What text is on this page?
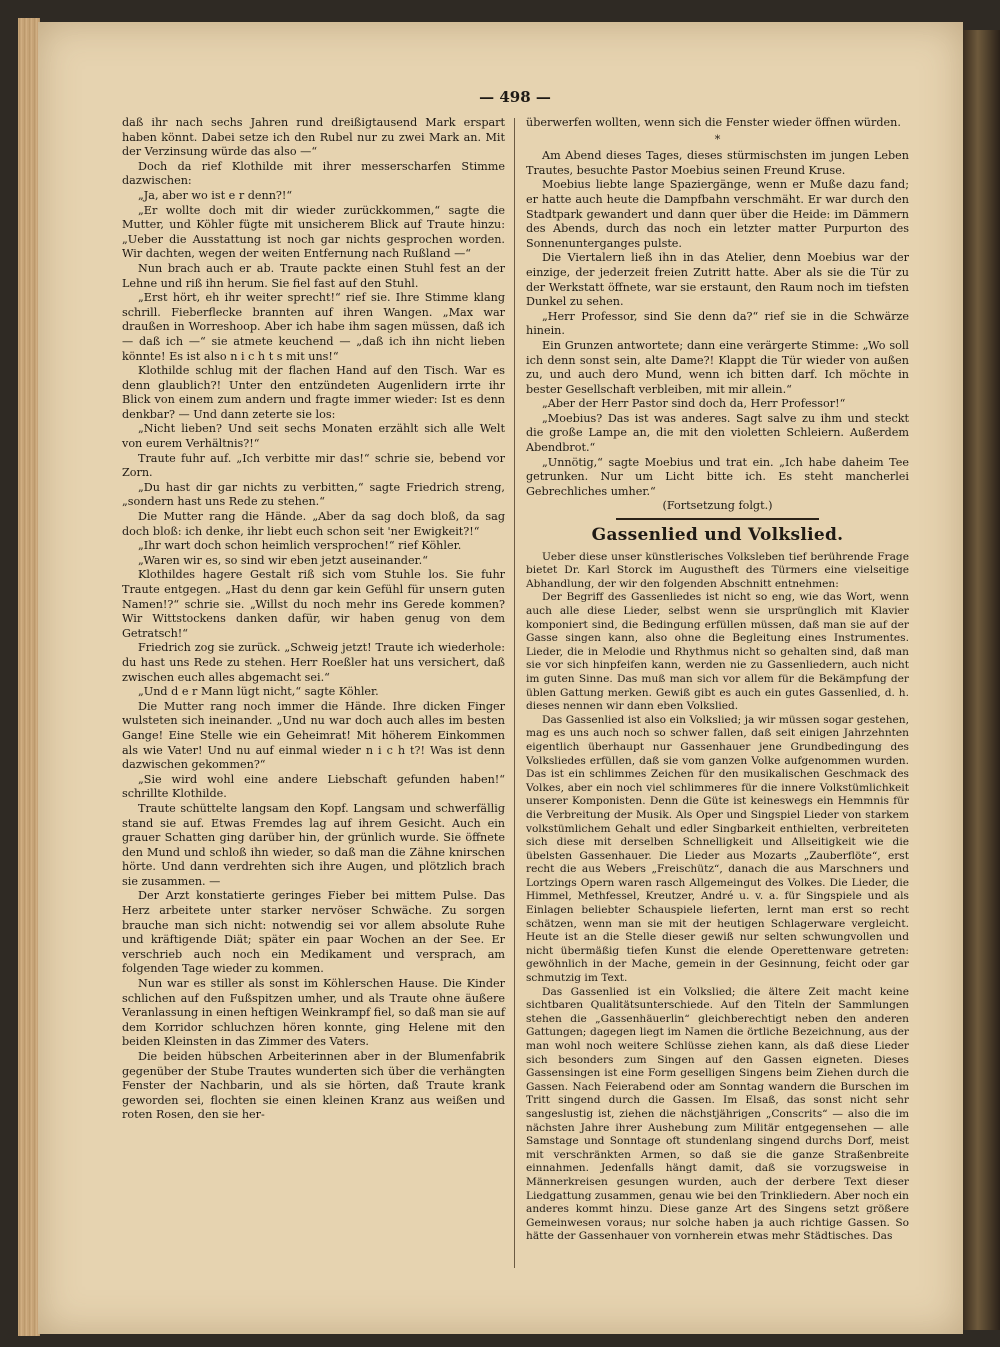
— 498 —

daß ihr nach sechs Jahren rund dreißigtausend Mark erspart haben könnt. Dabei setze ich den Rubel nur zu zwei Mark an. Mit der Verzinsung würde das also —“

Doch da rief Klothilde mit ihrer messerscharfen Stimme dazwischen:

„Ja, aber wo ist e r denn?!“

„Er wollte doch mit dir wieder zurückkommen,“ sagte die Mutter, und Köhler fügte mit unsicherem Blick auf Traute hinzu: „Ueber die Ausstattung ist noch gar nichts gesprochen worden. Wir dachten, wegen der weiten Entfernung nach Rußland —“

Nun brach auch er ab. Traute packte einen Stuhl fest an der Lehne und riß ihn herum. Sie fiel fast auf den Stuhl.

„Erst hört, eh ihr weiter sprecht!“ rief sie. Ihre Stimme klang schrill. Fieberflecke brannten auf ihren Wangen. „Max war draußen in Worreshoop. Aber ich habe ihm sagen müssen, daß ich — daß ich —“ sie atmete keuchend — „daß ich ihn nicht lieben könnte! Es ist also n i c h t s mit uns!“

Klothilde schlug mit der flachen Hand auf den Tisch. War es denn glaublich?! Unter den entzündeten Augenlidern irrte ihr Blick von einem zum andern und fragte immer wieder: Ist es denn denkbar? — Und dann zeterte sie los:

„Nicht lieben? Und seit sechs Monaten erzählt sich alle Welt von eurem Verhältnis?!“

Traute fuhr auf. „Ich verbitte mir das!“ schrie sie, bebend vor Zorn.

„Du hast dir gar nichts zu verbitten,“ sagte Friedrich streng, „sondern hast uns Rede zu stehen.“

Die Mutter rang die Hände. „Aber da sag doch bloß, da sag doch bloß: ich denke, ihr liebt euch schon seit 'ner Ewigkeit?!“

„Ihr wart doch schon heimlich versprochen!“ rief Köhler.

„Waren wir es, so sind wir eben jetzt auseinander.“

Klothildes hagere Gestalt riß sich vom Stuhle los. Sie fuhr Traute entgegen. „Hast du denn gar kein Gefühl für unsern guten Namen!?“ schrie sie. „Willst du noch mehr ins Gerede kommen? Wir Wittstockens danken dafür, wir haben genug von dem Getratsch!“

Friedrich zog sie zurück. „Schweig jetzt! Traute ich wiederhole: du hast uns Rede zu stehen. Herr Roeßler hat uns versichert, daß zwischen euch alles abgemacht sei.“

„Und d e r Mann lügt nicht,“ sagte Köhler.

Die Mutter rang noch immer die Hände. Ihre dicken Finger wulsteten sich ineinander. „Und nu war doch auch alles im besten Gange! Eine Stelle wie ein Geheimrat! Mit höherem Einkommen als wie Vater! Und nu auf einmal wieder n i c h t?! Was ist denn dazwischen gekommen?“

„Sie wird wohl eine andere Liebschaft gefunden haben!“ schrillte Klothilde.

Traute schüttelte langsam den Kopf. Langsam und schwerfällig stand sie auf. Etwas Fremdes lag auf ihrem Gesicht. Auch ein grauer Schatten ging darüber hin, der grünlich wurde. Sie öffnete den Mund und schloß ihn wieder, so daß man die Zähne knirschen hörte. Und dann verdrehten sich ihre Augen, und plötzlich brach sie zusammen. —

Der Arzt konstatierte geringes Fieber bei mittem Pulse. Das Herz arbeitete unter starker nervöser Schwäche. Zu sorgen brauche man sich nicht: notwendig sei vor allem absolute Ruhe und kräftigende Diät; später ein paar Wochen an der See. Er verschrieb auch noch ein Medikament und versprach, am folgenden Tage wieder zu kommen.

Nun war es stiller als sonst im Köhlerschen Hause. Die Kinder schlichen auf den Fußspitzen umher, und als Traute ohne äußere Veranlassung in einen heftigen Weinkrampf fiel, so daß man sie auf dem Korridor schluchzen hören konnte, ging Helene mit den beiden Kleinsten in das Zimmer des Vaters.

Die beiden hübschen Arbeiterinnen aber in der Blumenfabrik gegenüber der Stube Trautes wunderten sich über die verhängten Fenster der Nachbarin, und als sie hörten, daß Traute krank geworden sei, flochten sie einen kleinen Kranz aus weißen und roten Rosen, den sie her-

überwerfen wollten, wenn sich die Fenster wieder öffnen würden.

*

Am Abend dieses Tages, dieses stürmischsten im jungen Leben Trautes, besuchte Pastor Moebius seinen Freund Kruse.

Moebius liebte lange Spaziergänge, wenn er Muße dazu fand; er hatte auch heute die Dampfbahn verschmäht. Er war durch den Stadtpark gewandert und dann quer über die Heide: im Dämmern des Abends, durch das noch ein letzter matter Purpurton des Sonnenunterganges pulste.

Die Viertalern ließ ihn in das Atelier, denn Moebius war der einzige, der jederzeit freien Zutritt hatte. Aber als sie die Tür zu der Werkstatt öffnete, war sie erstaunt, den Raum noch im tiefsten Dunkel zu sehen.

„Herr Professor, sind Sie denn da?“ rief sie in die Schwärze hinein.

Ein Grunzen antwortete; dann eine verärgerte Stimme: „Wo soll ich denn sonst sein, alte Dame?! Klappt die Tür wieder von außen zu, und auch dero Mund, wenn ich bitten darf. Ich möchte in bester Gesellschaft verbleiben, mit mir allein.“

„Aber der Herr Pastor sind doch da, Herr Professor!“

„Moebius? Das ist was anderes. Sagt salve zu ihm und steckt die große Lampe an, die mit den violetten Schleiern. Außerdem Abendbrot.“

„Unnötig,“ sagte Moebius und trat ein. „Ich habe daheim Tee getrunken. Nur um Licht bitte ich. Es steht mancherlei Gebrechliches umher.“

(Fortsetzung folgt.)

Gassenlied und Volkslied.

Ueber diese unser künstlerisches Volksleben tief berührende Frage bietet Dr. Karl Storck im Augustheft des Türmers eine vielseitige Abhandlung, der wir den folgenden Abschnitt entnehmen:

Der Begriff des Gassenliedes ist nicht so eng, wie das Wort, wenn auch alle diese Lieder, selbst wenn sie ursprünglich mit Klavier komponiert sind, die Bedingung erfüllen müssen, daß man sie auf der Gasse singen kann, also ohne die Begleitung eines Instrumentes. Lieder, die in Melodie und Rhythmus nicht so gehalten sind, daß man sie vor sich hinpfeifen kann, werden nie zu Gassenliedern, auch nicht im guten Sinne. Das muß man sich vor allem für die Bekämpfung der üblen Gattung merken. Gewiß gibt es auch ein gutes Gassenlied, d. h. dieses nennen wir dann eben Volkslied.

Das Gassenlied ist also ein Volkslied; ja wir müssen sogar gestehen, mag es uns auch noch so schwer fallen, daß seit einigen Jahrzehnten eigentlich überhaupt nur Gassenhauer jene Grundbedingung des Volksliedes erfüllen, daß sie vom ganzen Volke aufgenommen wurden. Das ist ein schlimmes Zeichen für den musikalischen Geschmack des Volkes, aber ein noch viel schlimmeres für die innere Volkstümlichkeit unserer Komponisten. Denn die Güte ist keineswegs ein Hemmnis für die Verbreitung der Musik. Als Oper und Singspiel Lieder von starkem volkstümlichem Gehalt und edler Singbarkeit enthielten, verbreiteten sich diese mit derselben Schnelligkeit und Allseitigkeit wie die übelsten Gassenhauer. Die Lieder aus Mozarts „Zauberflöte“, erst recht die aus Webers „Freischütz“, danach die aus Marschners und Lortzings Opern waren rasch Allgemeingut des Volkes. Die Lieder, die Himmel, Methfessel, Kreutzer, André u. v. a. für Singspiele und als Einlagen beliebter Schauspiele lieferten, lernt man erst so recht schätzen, wenn man sie mit der heutigen Schlagerware vergleicht. Heute ist an die Stelle dieser gewiß nur selten schwungvollen und nicht übermäßig tiefen Kunst die elende Operettenware getreten: gewöhnlich in der Mache, gemein in der Gesinnung, feicht oder gar schmutzig im Text.

Das Gassenlied ist ein Volkslied; die ältere Zeit macht keine sichtbaren Qualitätsunterschiede. Auf den Titeln der Sammlungen stehen die „Gassenhäuerlin“ gleichberechtigt neben den anderen Gattungen; dagegen liegt im Namen die örtliche Bezeichnung, aus der man wohl noch weitere Schlüsse ziehen kann, als daß diese Lieder sich besonders zum Singen auf den Gassen eigneten. Dieses Gassensingen ist eine Form geselligen Singens beim Ziehen durch die Gassen. Nach Feierabend oder am Sonntag wandern die Burschen im Tritt singend durch die Gassen. Im Elsaß, das sonst nicht sehr sangeslustig ist, ziehen die nächstjährigen „Conscrits“ — also die im nächsten Jahre ihrer Aushebung zum Militär entgegensehen — alle Samstage und Sonntage oft stundenlang singend durchs Dorf, meist mit verschränkten Armen, so daß sie die ganze Straßenbreite einnahmen. Jedenfalls hängt damit, daß sie vorzugsweise in Männerkreisen gesungen wurden, auch der derbere Text dieser Liedgattung zusammen, genau wie bei den Trinkliedern. Aber noch ein anderes kommt hinzu. Diese ganze Art des Singens setzt größere Gemeinwesen voraus; nur solche haben ja auch richtige Gassen. So hätte der Gassenhauer von vornherein etwas mehr Städtisches. Das
